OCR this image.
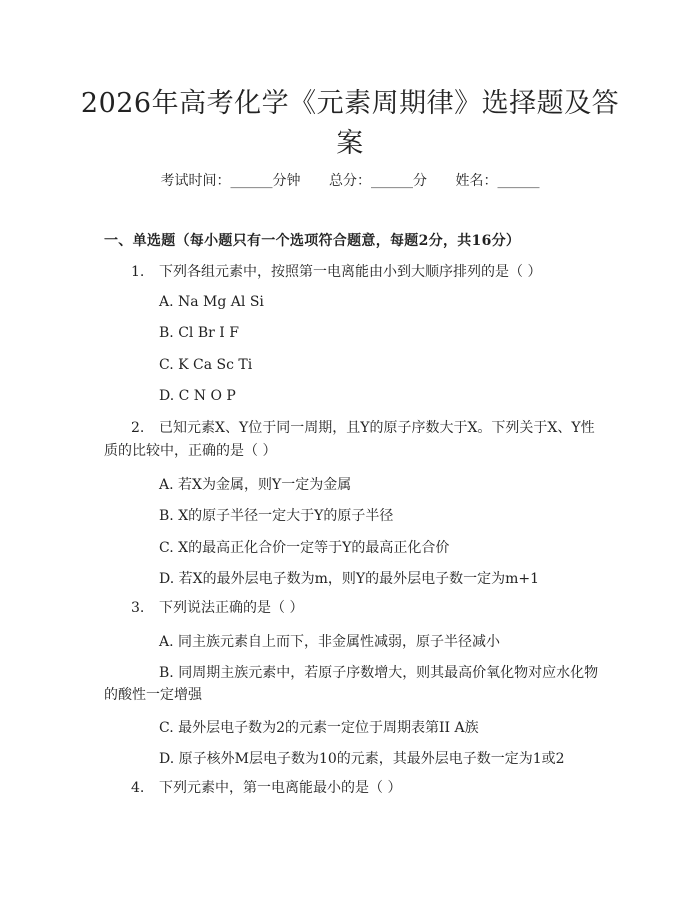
2026年高考化学《元素周期律》选择题及答案
考试时间：______分钟 总分：______分 姓名：______
一、单选题（每小题只有一个选项符合题意，每题2分，共16分）
1. 下列各组元素中，按照第一电离能由小到大顺序排列的是（ ）
A. Na Mg Al Si
B. Cl Br I F
C. K Ca Sc Ti
D. C N O P
2. 已知元素X、Y位于同一周期，且Y的原子序数大于X。下列关于X、Y性
质的比较中，正确的是（ ）
A. 若X为金属，则Y一定为金属
B. X的原子半径一定大于Y的原子半径
C. X的最高正化合价一定等于Y的最高正化合价
D. 若X的最外层电子数为m，则Y的最外层电子数一定为m+1
3. 下列说法正确的是（ ）
A. 同主族元素自上而下，非金属性减弱，原子半径减小
B. 同周期主族元素中，若原子序数增大，则其最高价氧化物对应水化物
的酸性一定增强
C. 最外层电子数为2的元素一定位于周期表第II A族
D. 原子核外M层电子数为10的元素，其最外层电子数一定为1或2
4. 下列元素中，第一电离能最小的是（ ）
